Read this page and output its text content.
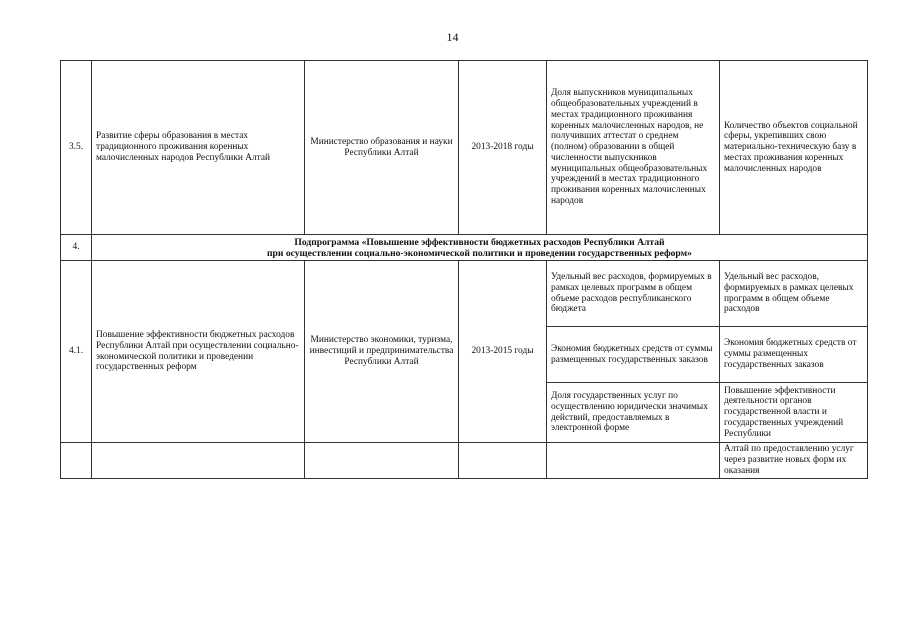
14
3.5.	Развитие сферы образования в местах традиционного проживания коренных малочисленных народов Республики Алтай	Министерство образования и науки Республики Алтай	2013-2018 годы	Доля выпускников муниципальных общеобразовательных учреждений в местах традиционного проживания коренных малочисленных народов, не получивших аттестат о среднем (полном) образовании в общей численности выпускников муниципальных общеобразовательных учреждений в местах традиционного проживания коренных малочисленных народов	Количество объектов социальной сферы, укрепивших свою материально-техническую базу в местах проживания коренных малочисленных народов
4.	Подпрограмма «Повышение эффективности бюджетных расходов Республики Алтай
при осуществлении социально-экономической политики и проведении государственных реформ»				

4.1.	Повышение эффективности бюджетных расходов Республики Алтай при осуществлении социально-экономической политики и проведении государственных реформ	Министерство экономики, туризма, инвестиций и предпринимательства Республики Алтай	2013-2015 годы	Удельный вес расходов, формируемых в рамках целевых программ в общем объеме расходов республиканского бюджета	Удельный вес расходов, формируемых в рамках целевых программ в общем объеме расходов
				Экономия бюджетных средств от суммы размещенных государственных заказов	Экономия бюджетных средств от суммы размещенных государственных заказов
				Доля государственных услуг по осуществлению юридически значимых действий, предоставляемых в электронной форме	Повышение эффективности деятельности органов государственной власти и государственных учреждений Республики
					Алтай по предоставлению услуг через развитие новых форм их оказания
